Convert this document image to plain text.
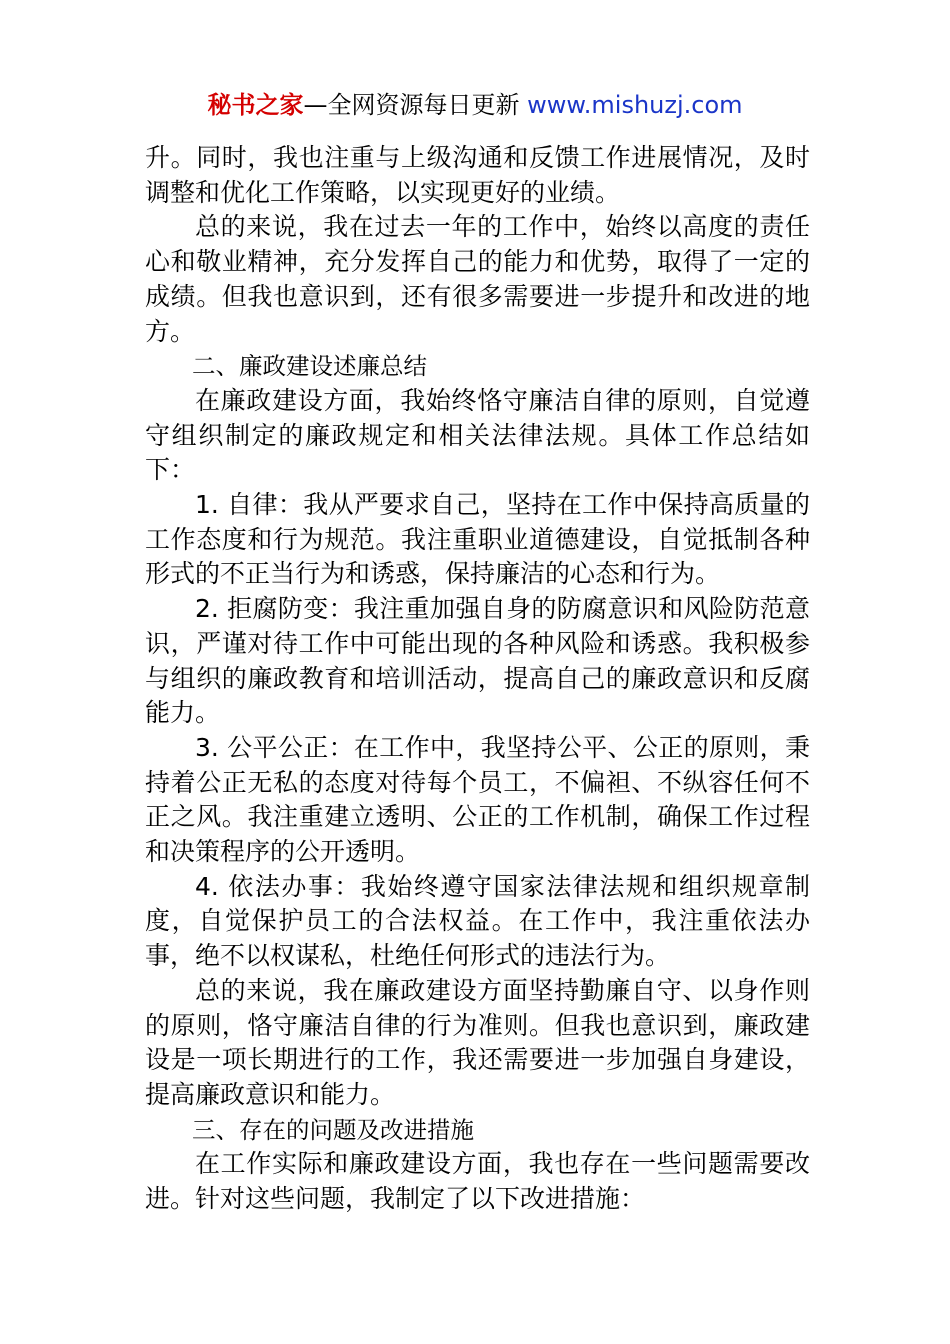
秘书之家—全网资源每日更新 www.mishuzj.com

升。同时，我也注重与上级沟通和反馈工作进展情况，及时调整和优化工作策略，以实现更好的业绩。

总的来说，我在过去一年的工作中，始终以高度的责任心和敬业精神，充分发挥自己的能力和优势，取得了一定的成绩。但我也意识到，还有很多需要进一步提升和改进的地方。

二、廉政建设述廉总结

在廉政建设方面，我始终恪守廉洁自律的原则，自觉遵守组织制定的廉政规定和相关法律法规。具体工作总结如下：

1. 自律：我从严要求自己，坚持在工作中保持高质量的工作态度和行为规范。我注重职业道德建设，自觉抵制各种形式的不正当行为和诱惑，保持廉洁的心态和行为。

2. 拒腐防变：我注重加强自身的防腐意识和风险防范意识，严谨对待工作中可能出现的各种风险和诱惑。我积极参与组织的廉政教育和培训活动，提高自己的廉政意识和反腐能力。

3. 公平公正：在工作中，我坚持公平、公正的原则，秉持着公正无私的态度对待每个员工，不偏袒、不纵容任何不正之风。我注重建立透明、公正的工作机制，确保工作过程和决策程序的公开透明。

4. 依法办事：我始终遵守国家法律法规和组织规章制度，自觉保护员工的合法权益。在工作中，我注重依法办事，绝不以权谋私，杜绝任何形式的违法行为。

总的来说，我在廉政建设方面坚持勤廉自守、以身作则的原则，恪守廉洁自律的行为准则。但我也意识到，廉政建设是一项长期进行的工作，我还需要进一步加强自身建设，提高廉政意识和能力。

三、存在的问题及改进措施

在工作实际和廉政建设方面，我也存在一些问题需要改进。针对这些问题，我制定了以下改进措施：
